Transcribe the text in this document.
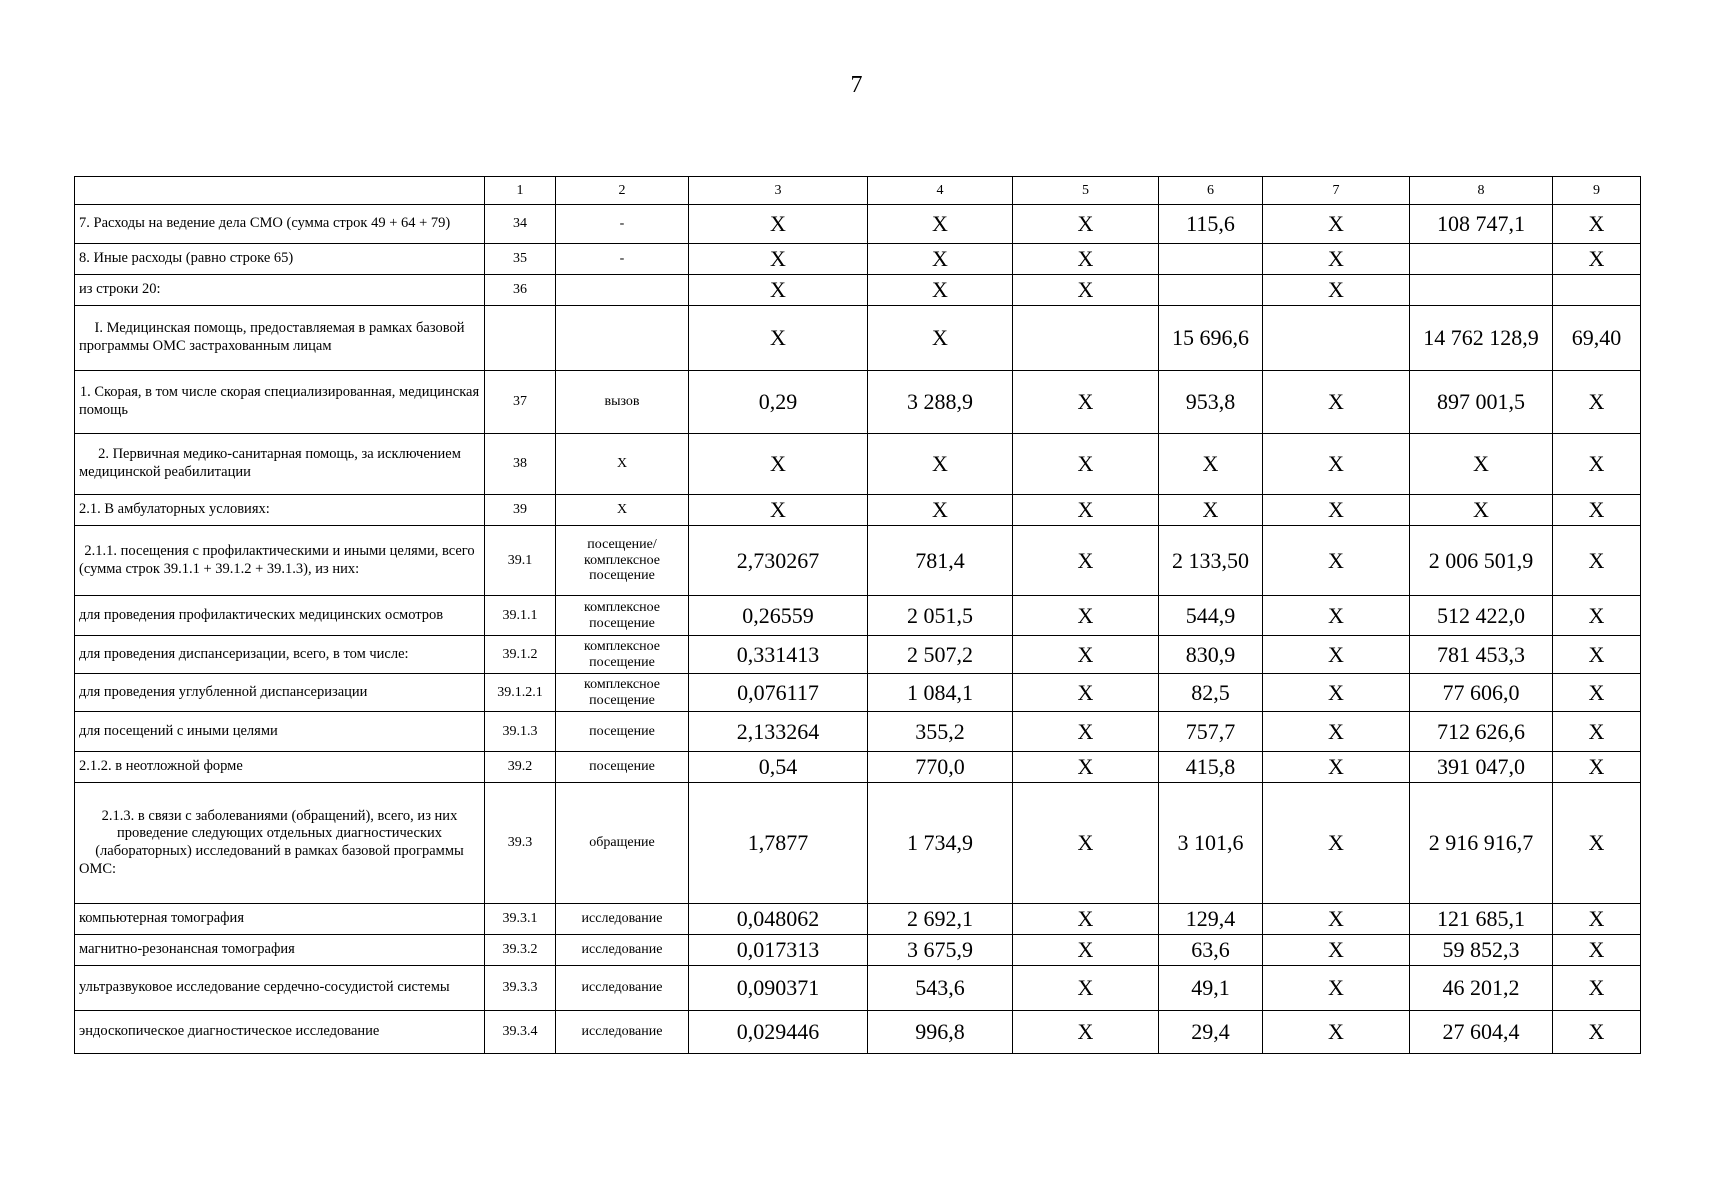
7
	1	2	3	4	5	6	7	8	9
7. Расходы на ведение дела СМО (сумма строк 49 + 64 + 79)	34	-	X	X	X	115,6	X	108 747,1	X
8. Иные расходы (равно строке 65)	35	-	X	X	X		X		X
из строки 20:	36		X	X	X		X		
I. Медицинская помощь, предоставляемая в рамках базовой программы ОМС застрахованным лицам			X	X		15 696,6		14 762 128,9	69,40
1. Скорая, в том числе скорая специализированная, медицинская помощь	37	вызов	0,29	3 288,9	X	953,8	X	897 001,5	X
2. Первичная медико-санитарная помощь, за исключением медицинской реабилитации	38	X	X	X	X	X	X	X	X
2.1. В амбулаторных условиях:	39	X	X	X	X	X	X	X	X
2.1.1. посещения с профилактическими и иными целями, всего (сумма строк 39.1.1 + 39.1.2 + 39.1.3), из них:	39.1	посещение/ комплексное посещение	2,730267	781,4	X	2 133,50	X	2 006 501,9	X
для проведения профилактических медицинских осмотров	39.1.1	комплексное посещение	0,26559	2 051,5	X	544,9	X	512 422,0	X
для проведения диспансеризации, всего, в том числе:	39.1.2	комплексное посещение	0,331413	2 507,2	X	830,9	X	781 453,3	X
для проведения углубленной диспансеризации	39.1.2.1	комплексное посещение	0,076117	1 084,1	X	82,5	X	77 606,0	X
для посещений с иными целями	39.1.3	посещение	2,133264	355,2	X	757,7	X	712 626,6	X
2.1.2. в неотложной форме	39.2	посещение	0,54	770,0	X	415,8	X	391 047,0	X
2.1.3. в связи с заболеваниями (обращений), всего, из них проведение следующих отдельных диагностических (лабораторных) исследований в рамках базовой программы ОМС:	39.3	обращение	1,7877	1 734,9	X	3 101,6	X	2 916 916,7	X
компьютерная томография	39.3.1	исследование	0,048062	2 692,1	X	129,4	X	121 685,1	X
магнитно-резонансная томография	39.3.2	исследование	0,017313	3 675,9	X	63,6	X	59 852,3	X
ультразвуковое исследование сердечно-сосудистой системы	39.3.3	исследование	0,090371	543,6	X	49,1	X	46 201,2	X
эндоскопическое диагностическое исследование	39.3.4	исследование	0,029446	996,8	X	29,4	X	27 604,4	X
